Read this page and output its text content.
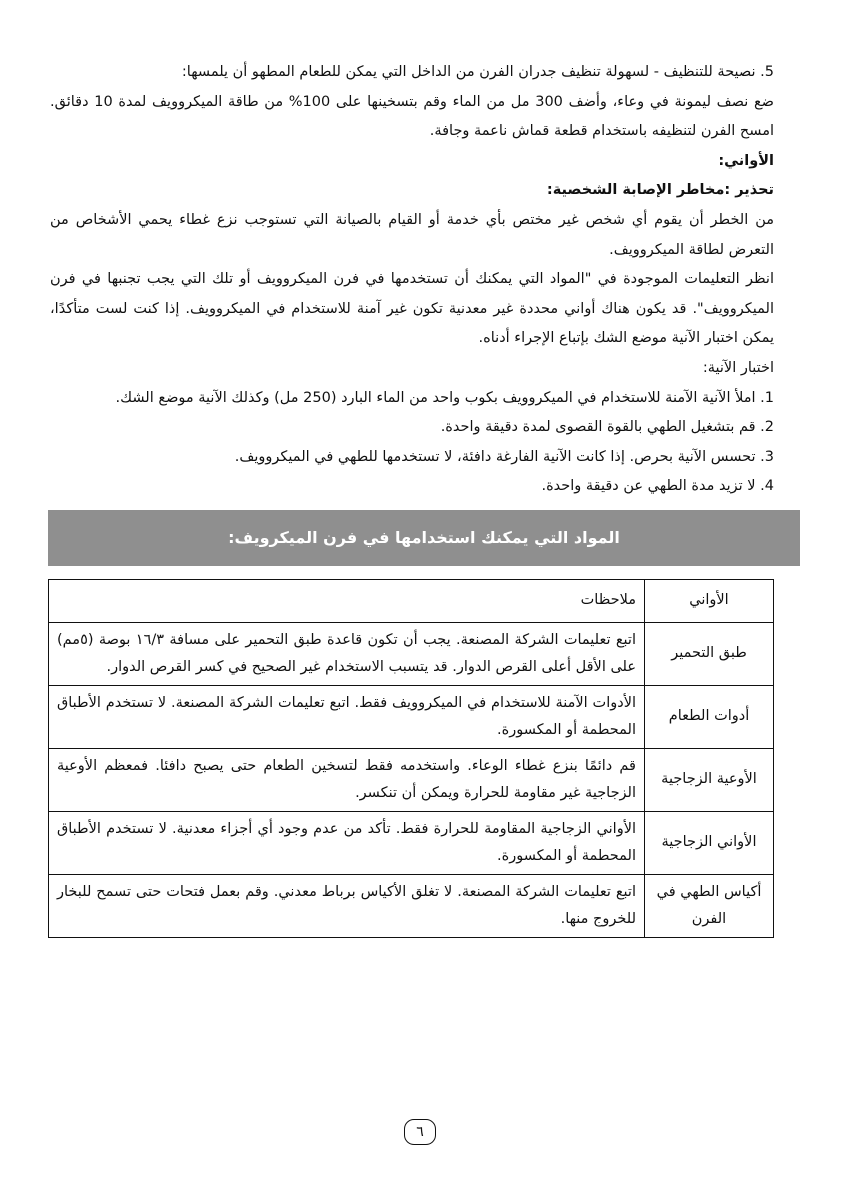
5. نصيحة للتنظيف - لسهولة تنظيف جدران الفرن من الداخل التي يمكن للطعام المطهو أن يلمسها:

ضع نصف ليمونة في وعاء، وأضف 300 مل من الماء وقم بتسخينها على 100% من طاقة الميكروويف لمدة 10 دقائق. امسح الفرن لتنظيفه باستخدام قطعة قماش ناعمة وجافة.

الأواني:

تحذير :مخاطر الإصابة الشخصية:

من الخطر أن يقوم أي شخص غير مختص بأي خدمة أو القيام بالصيانة التي تستوجب نزع غطاء يحمي الأشخاص من التعرض لطاقة الميكروويف.

انظر التعليمات الموجودة في "المواد التي يمكنك أن تستخدمها في فرن الميكروويف أو تلك التي يجب تجنبها في فرن الميكروويف". قد يكون هناك أواني محددة غير معدنية تكون غير آمنة للاستخدام في الميكروويف. إذا كنت لست متأكدًا، يمكن اختبار الآنية موضع الشك بإتباع الإجراء أدناه.

اختبار الآنية:

1. املأ الآنية الآمنة للاستخدام في الميكروويف بكوب واحد من الماء البارد (250 مل) وكذلك الآنية موضع الشك.

2. قم بتشغيل الطهي بالقوة القصوى لمدة دقيقة واحدة.

3. تحسس الآنية بحرص. إذا كانت الآنية الفارغة دافئة، لا تستخدمها للطهي في الميكروويف.

4. لا تزيد مدة الطهي عن دقيقة واحدة.

المواد التي يمكنك استخدامها في فرن الميكرويف:
الأواني	ملاحظات
طبق التحمير	اتبع تعليمات الشركة المصنعة. يجب أن تكون قاعدة طبق التحمير على مسافة ١٦/٣ بوصة (٥مم) على الأقل أعلى القرص الدوار. قد يتسبب الاستخدام غير الصحيح في كسر القرص الدوار.
أدوات الطعام	الأدوات الآمنة للاستخدام في الميكروويف فقط. اتبع تعليمات الشركة المصنعة. لا تستخدم الأطباق المحطمة أو المكسورة.
الأوعية الزجاجية	قم دائمًا بنزع غطاء الوعاء. واستخدمه فقط لتسخين الطعام حتى يصبح دافئا. فمعظم الأوعية الزجاجية غير مقاومة للحرارة ويمكن أن تنكسر.
الأواني الزجاجية	الأواني الزجاجية المقاومة للحرارة فقط. تأكد من عدم وجود أي أجزاء معدنية. لا تستخدم الأطباق المحطمة أو المكسورة.
أكياس الطهي في الفرن	اتبع تعليمات الشركة المصنعة. لا تغلق الأكياس برباط معدني. وقم بعمل فتحات حتى تسمح للبخار للخروج منها.
٦
